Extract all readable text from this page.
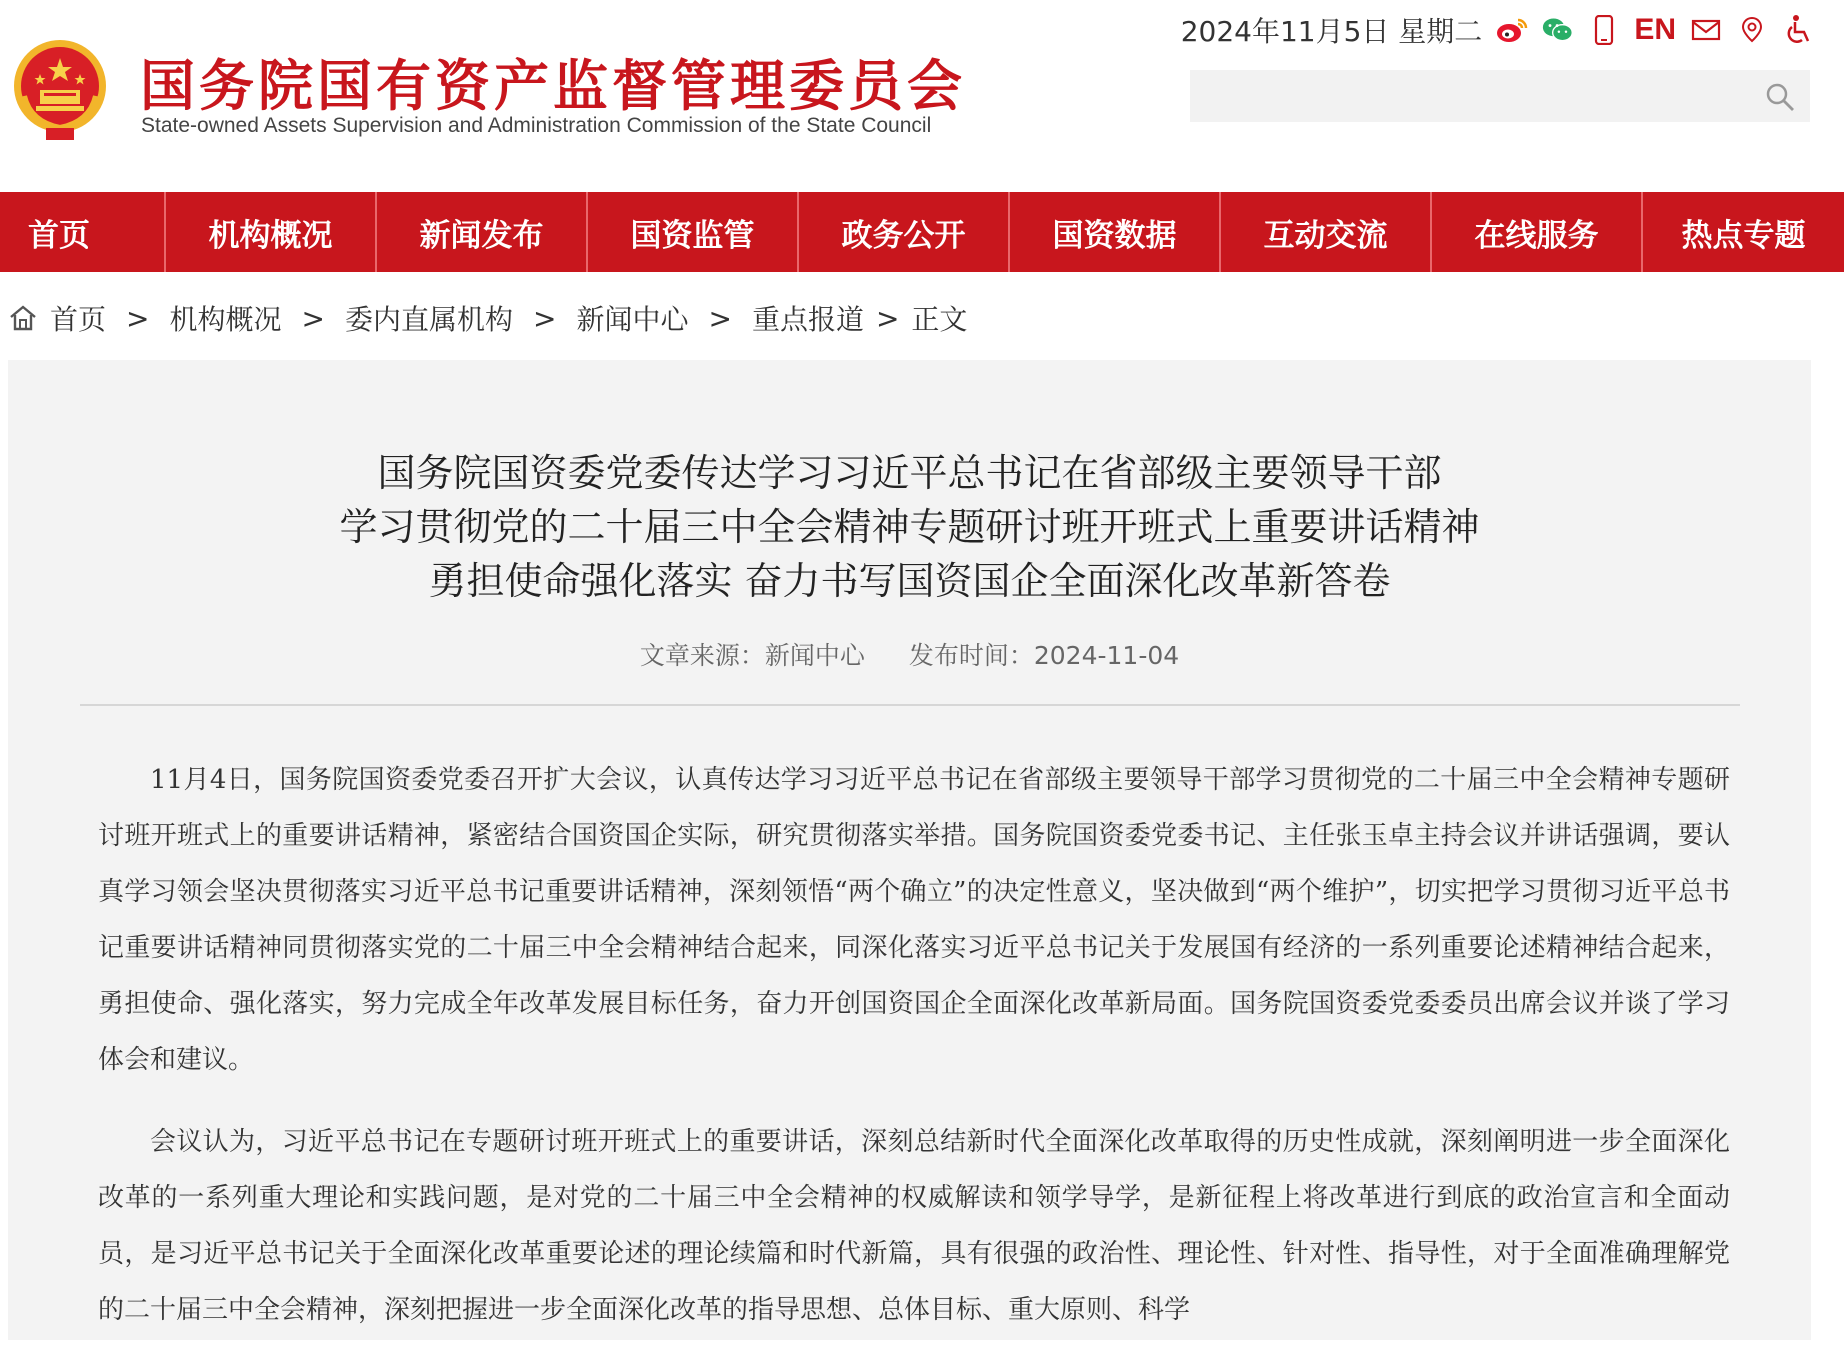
国务院国有资产监督管理委员会
State-owned Assets Supervision and Administration Commission of the State Council
2024年11月5日 星期二	EN
首页	机构概况	新闻发布	国资监管	政务公开	国资数据	互动交流	在线服务	热点专题
首页 > 机构概况 > 委内直属机构 > 新闻中心 > 重点报道 > 正文
国务院国资委党委传达学习习近平总书记在省部级主要领导干部
学习贯彻党的二十届三中全会精神专题研讨班开班式上重要讲话精神
勇担使命强化落实 奋力书写国资国企全面深化改革新答卷
文章来源：新闻中心 发布时间：2024-11-04

11月4日，国务院国资委党委召开扩大会议，认真传达学习习近平总书记在省部级主要领导干部学习贯彻党的二十届三中全会精神专题研讨班开班式上的重要讲话精神，紧密结合国资国企实际，研究贯彻落实举措。国务院国资委党委书记、主任张玉卓主持会议并讲话强调，要认真学习领会坚决贯彻落实习近平总书记重要讲话精神，深刻领悟“两个确立”的决定性意义，坚决做到“两个维护”，切实把学习贯彻习近平总书记重要讲话精神同贯彻落实党的二十届三中全会精神结合起来，同深化落实习近平总书记关于发展国有经济的一系列重要论述精神结合起来，勇担使命、强化落实，努力完成全年改革发展目标任务，奋力开创国资国企全面深化改革新局面。国务院国资委党委委员出席会议并谈了学习体会和建议。

会议认为，习近平总书记在专题研讨班开班式上的重要讲话，深刻总结新时代全面深化改革取得的历史性成就，深刻阐明进一步全面深化改革的一系列重大理论和实践问题，是对党的二十届三中全会精神的权威解读和领学导学，是新征程上将改革进行到底的政治宣言和全面动员，是习近平总书记关于全面深化改革重要论述的理论续篇和时代新篇，具有很强的政治性、理论性、针对性、指导性，对于全面准确理解党的二十届三中全会精神，深刻把握进一步全面深化改革的指导思想、总体目标、重大原则、科学
